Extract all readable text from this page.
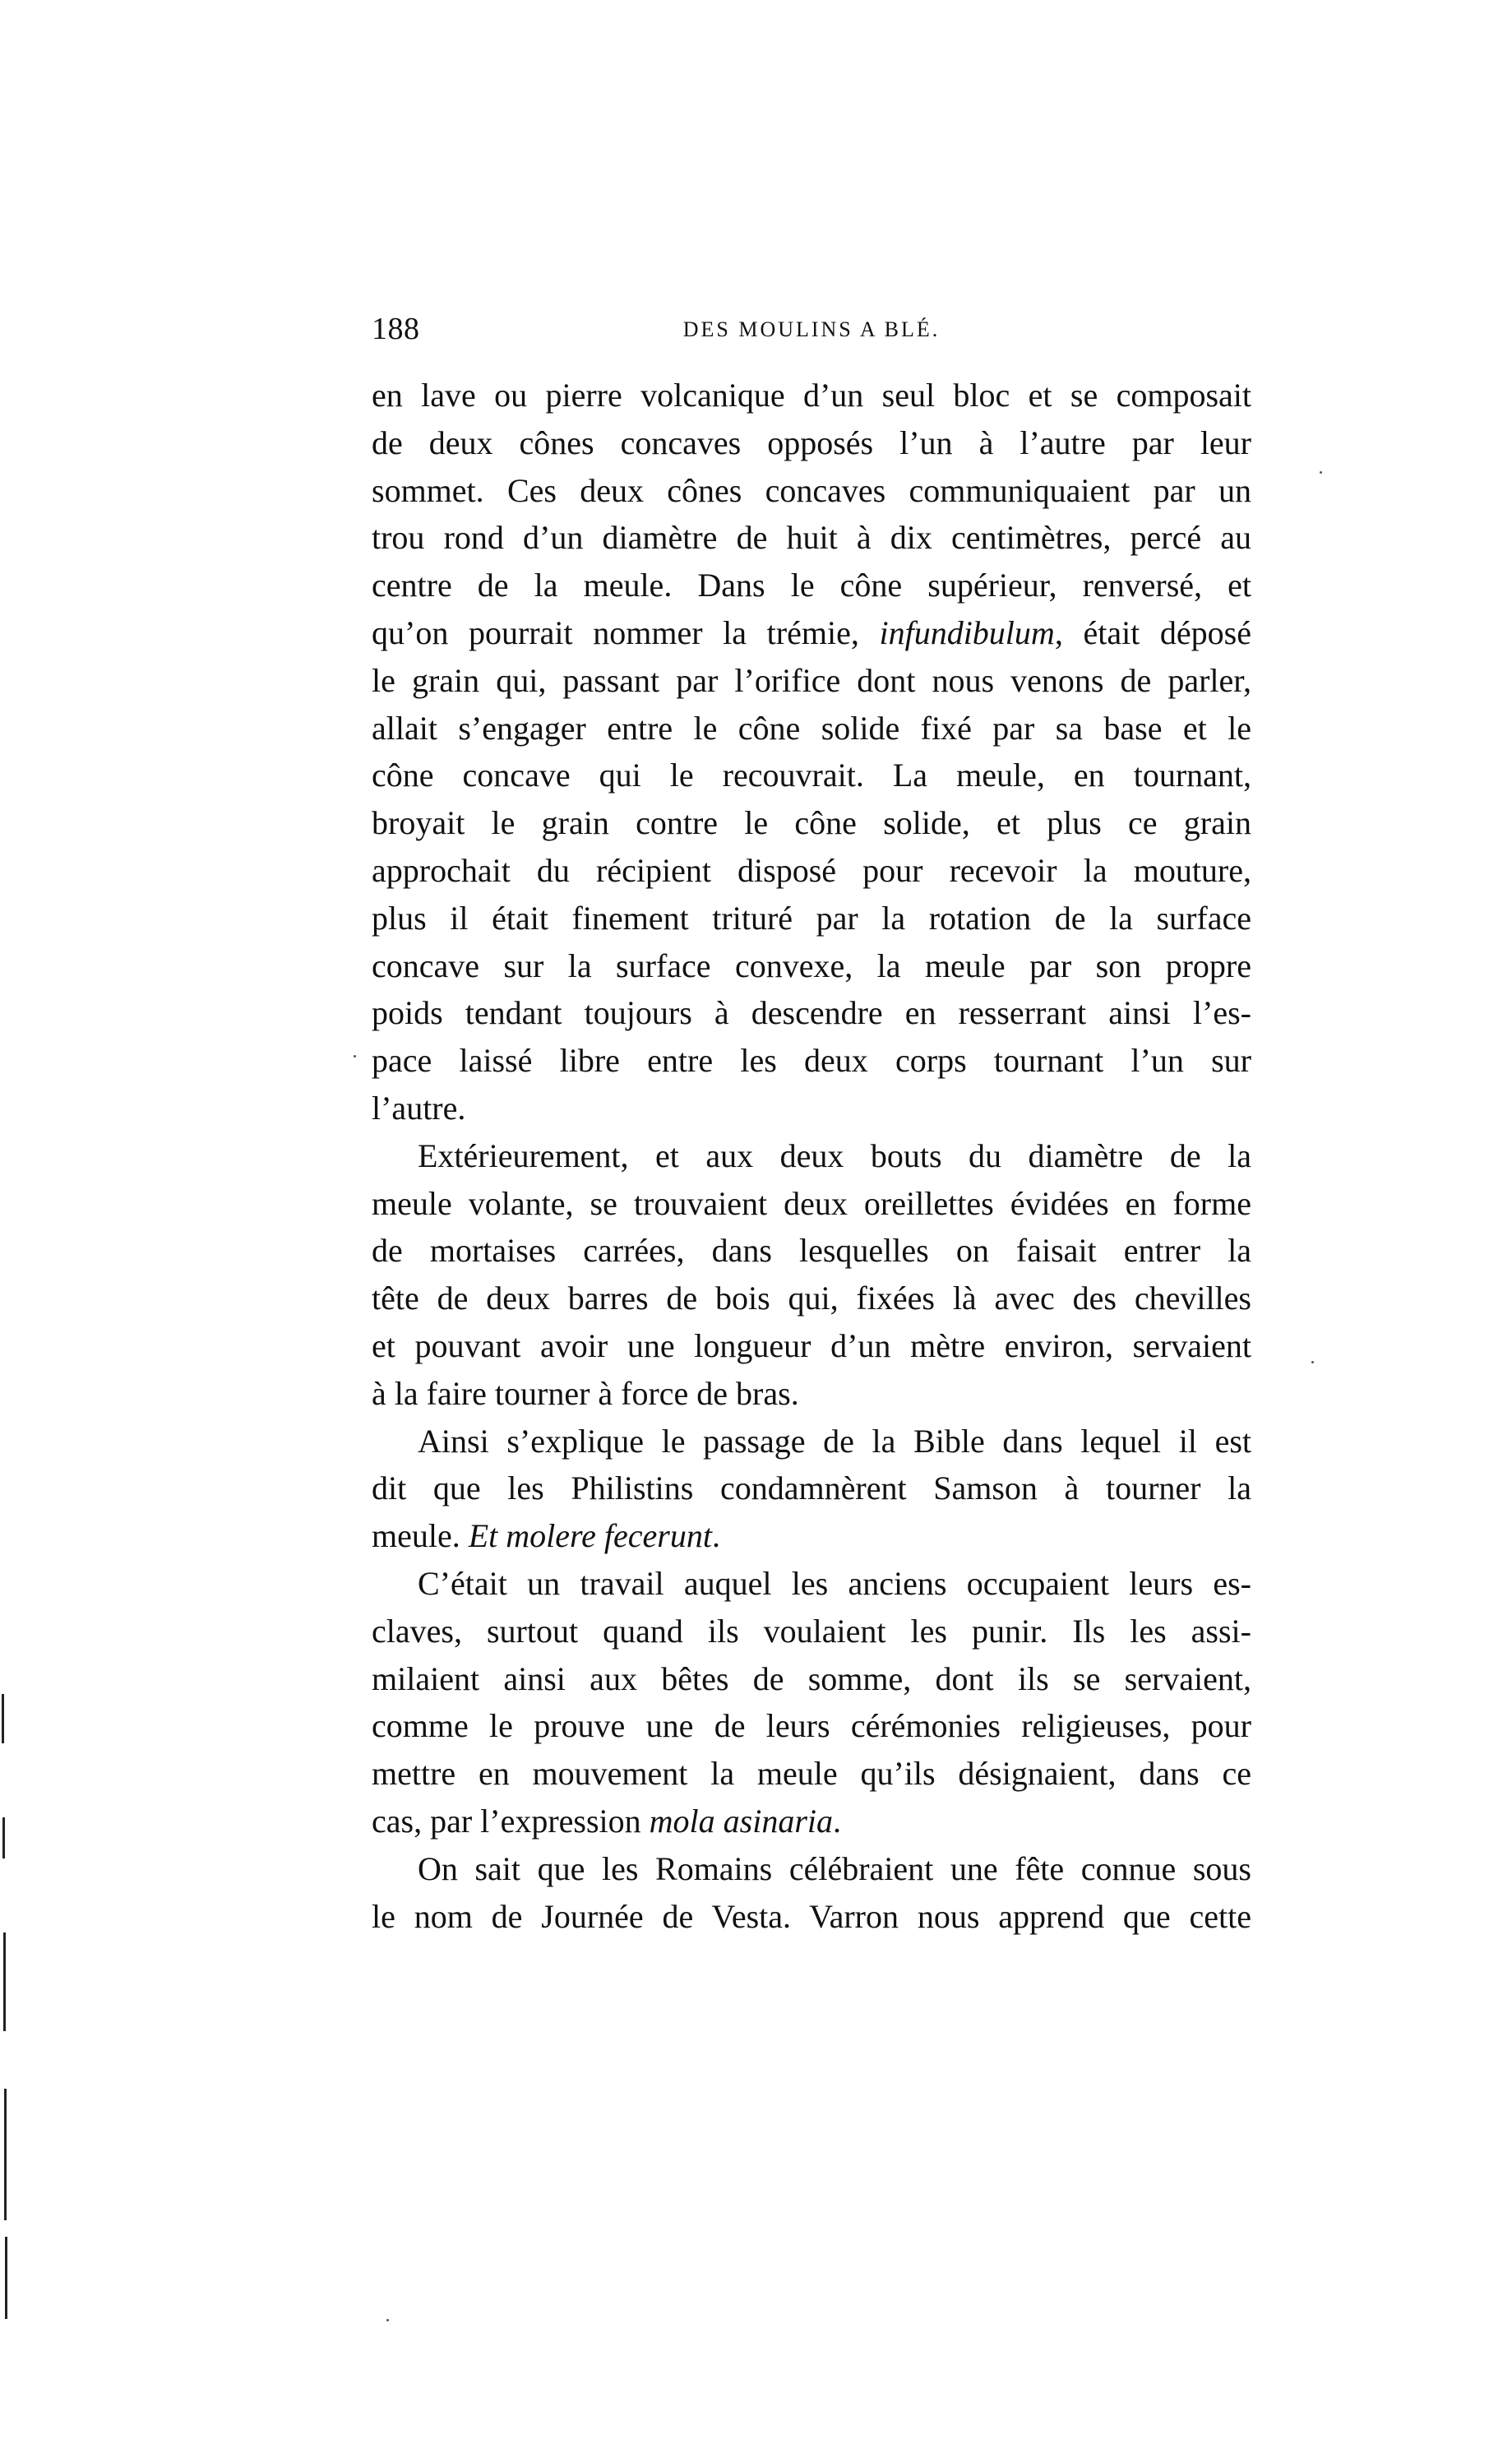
188	DES MOULINS A BLÉ.
en lave ou pierre volcanique d’un seul bloc et se composait
de deux cônes concaves opposés l’un à l’autre par leur
sommet. Ces deux cônes concaves communiquaient par un
trou rond d’un diamètre de huit à dix centimètres, percé au
centre de la meule. Dans le cône supérieur, renversé, et
qu’on pourrait nommer la trémie, infundibulum, était déposé
le grain qui, passant par l’orifice dont nous venons de parler,
allait s’engager entre le cône solide fixé par sa base et le
cône concave qui le recouvrait. La meule, en tournant,
broyait le grain contre le cône solide, et plus ce grain
approchait du récipient disposé pour recevoir la mouture,
plus il était finement trituré par la rotation de la surface
concave sur la surface convexe, la meule par son propre
poids tendant toujours à descendre en resserrant ainsi l’es-
pace laissé libre entre les deux corps tournant l’un sur
l’autre.
Extérieurement, et aux deux bouts du diamètre de la
meule volante, se trouvaient deux oreillettes évidées en forme
de mortaises carrées, dans lesquelles on faisait entrer la
tête de deux barres de bois qui, fixées là avec des chevilles
et pouvant avoir une longueur d’un mètre environ, servaient
à la faire tourner à force de bras.
Ainsi s’explique le passage de la Bible dans lequel il est
dit que les Philistins condamnèrent Samson à tourner la
meule. Et molere fecerunt.
C’était un travail auquel les anciens occupaient leurs es-
claves, surtout quand ils voulaient les punir. Ils les assi-
milaient ainsi aux bêtes de somme, dont ils se servaient,
comme le prouve une de leurs cérémonies religieuses, pour
mettre en mouvement la meule qu’ils désignaient, dans ce
cas, par l’expression mola asinaria.
On sait que les Romains célébraient une fête connue sous
le nom de Journée de Vesta. Varron nous apprend que cette
